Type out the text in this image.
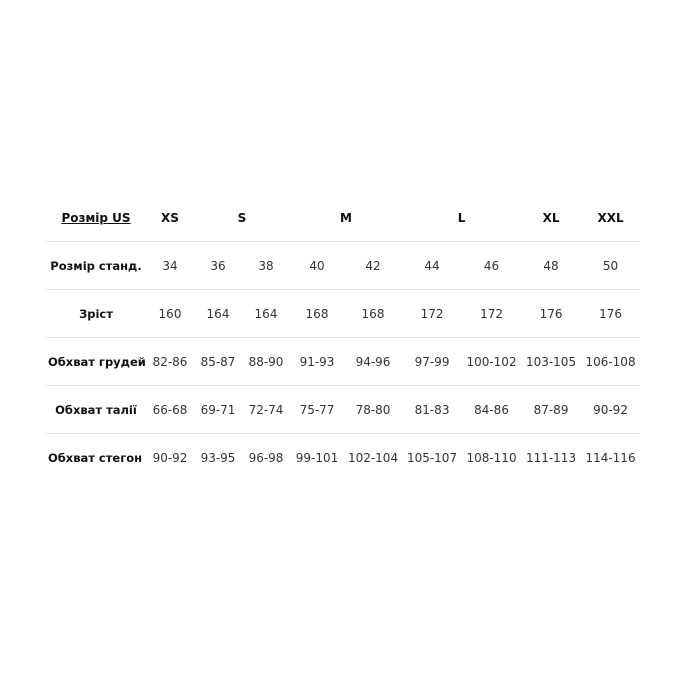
Розмір US	XS	S		M		L		XL	XXL
Розмір станд.	34	36	38	40	42	44	46	48	50
Зріст	160	164	164	168	168	172	172	176	176
Обхват грудей	82-86	85-87	88-90	91-93	94-96	97-99	100-102	103-105	106-108
Обхват талії	66-68	69-71	72-74	75-77	78-80	81-83	84-86	87-89	90-92
Обхват стегон	90-92	93-95	96-98	99-101	102-104	105-107	108-110	111-113	114-116
